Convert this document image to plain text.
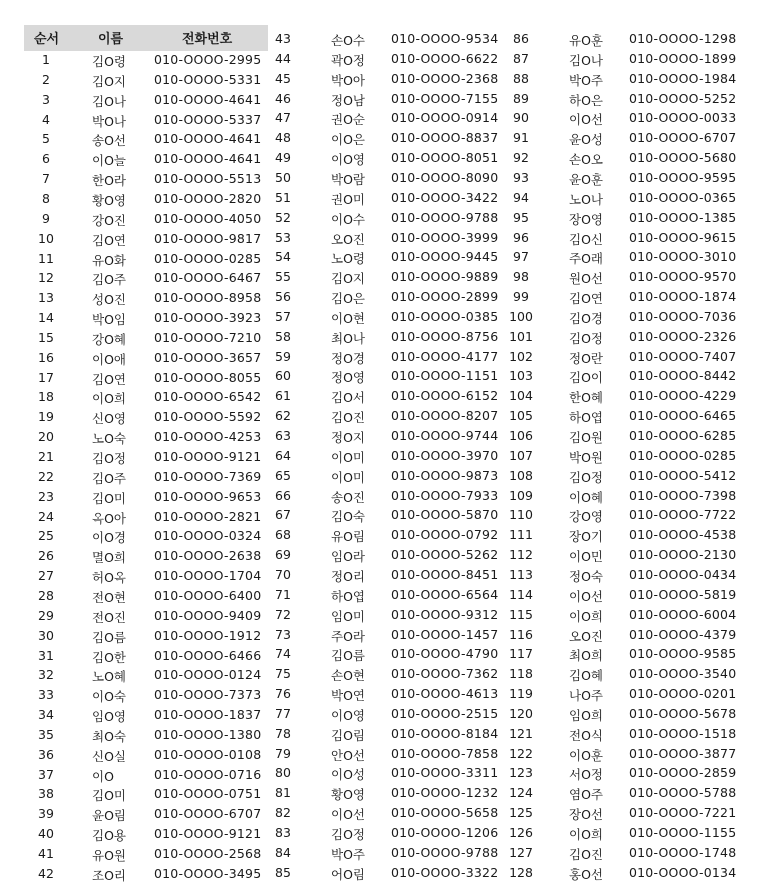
순서	이름	전화번호
1	김O령 010-OOOO-2995
2	김O지 010-OOOO-5331
3	김O나 010-OOOO-4641
4	박O나 010-OOOO-5337
5	송O선 010-OOOO-4641
6	이O늘 010-OOOO-4641
7	한O라 010-OOOO-5513
8	황O영 010-OOOO-2820
9	강O진 010-OOOO-4050
10	김O연 010-OOOO-9817
11	유O화 010-OOOO-0285
12	김O주 010-OOOO-6467
13	성O진 010-OOOO-8958
14	박O임 010-OOOO-3923
15	강O혜 010-OOOO-7210
16	이O애 010-OOOO-3657
17	김O연 010-OOOO-8055
18	이O희 010-OOOO-6542
19	신O영 010-OOOO-5592
20	노O숙 010-OOOO-4253
21	김O정 010-OOOO-9121
22	김O주 010-OOOO-7369
23	김O미 010-OOOO-9653
24	옥O아 010-OOOO-2821
25	이O경 010-OOOO-0324
26	멸O희 010-OOOO-2638
27	허O옥 010-OOOO-1704
28	전O현 010-OOOO-6400
29	전O진 010-OOOO-9409
30	김O름 010-OOOO-1912
31	김O한 010-OOOO-6466
32	노O혜 010-OOOO-0124
33	이O숙 010-OOOO-7373
34	임O영 010-OOOO-1837
35	최O숙 010-OOOO-1380
36	신O실 010-OOOO-0108
37	이O	010-OOOO-0716
38	김O미 010-OOOO-0751
39	윤O림 010-OOOO-6707
40	김O용 010-OOOO-9121
41	유O원 010-OOOO-2568
42	조O리 010-OOOO-3495
43	손O수 010-OOOO-9534
44	곽O정 010-OOOO-6622
45	박O아 010-OOOO-2368
46	정O남 010-OOOO-7155
47	권O순 010-OOOO-0914
48	이O은 010-OOOO-8837
49	이O영 010-OOOO-8051
50	박O람 010-OOOO-8090
51	권O미 010-OOOO-3422
52	이O수 010-OOOO-9788
53	오O진 010-OOOO-3999
54	노O령 010-OOOO-9445
55	김O지 010-OOOO-9889
56	김O은 010-OOOO-2899
57	이O현 010-OOOO-0385
58	최O나 010-OOOO-8756
59	정O경 010-OOOO-4177
60	정O영 010-OOOO-1151
61	김O서 010-OOOO-6152
62	김O진 010-OOOO-8207
63	정O지 010-OOOO-9744
64	이O미 010-OOOO-3970
65	이O미 010-OOOO-9873
66	송O진 010-OOOO-7933
67	김O숙 010-OOOO-5870
68	유O림 010-OOOO-0792
69	임O라 010-OOOO-5262
70	정O리 010-OOOO-8451
71	하O엽 010-OOOO-6564
72	임O미 010-OOOO-9312
73	주O라 010-OOOO-1457
74	김O름 010-OOOO-4790
75	손O현 010-OOOO-7362
76	박O연 010-OOOO-4613
77	이O영 010-OOOO-2515
78	김O림 010-OOOO-8184
79	안O선 010-OOOO-7858
80	이O성 010-OOOO-3311
81	황O영 010-OOOO-1232
82	이O선 010-OOOO-5658
83	김O정 010-OOOO-1206
84	박O주 010-OOOO-9788
85	어O림 010-OOOO-3322
86	유O훈 010-OOOO-1298
87	김O나 010-OOOO-1899
88	박O주 010-OOOO-1984
89	하O은 010-OOOO-5252
90	이O선 010-OOOO-0033
91	윤O성 010-OOOO-6707
92	손O오 010-OOOO-5680
93	윤O훈 010-OOOO-9595
94	노O나 010-OOOO-0365
95	장O영 010-OOOO-1385
96	김O신 010-OOOO-9615
97	주O래 010-OOOO-3010
98	원O선 010-OOOO-9570
99	김O연 010-OOOO-1874
100	김O경 010-OOOO-7036
101	김O정 010-OOOO-2326
102	정O란 010-OOOO-7407
103	김O이 010-OOOO-8442
104	한O혜 010-OOOO-4229
105	하O엽 010-OOOO-6465
106	김O원 010-OOOO-6285
107	박O원 010-OOOO-0285
108	김O정 010-OOOO-5412
109	이O혜 010-OOOO-7398
110	강O영 010-OOOO-7722
111	장O기 010-OOOO-4538
112	이O민 010-OOOO-2130
113	정O숙 010-OOOO-0434
114	이O선 010-OOOO-5819
115	이O희 010-OOOO-6004
116	오O진 010-OOOO-4379
117	최O희 010-OOOO-9585
118	김O혜 010-OOOO-3540
119	나O주 010-OOOO-0201
120	임O희 010-OOOO-5678
121	전O식 010-OOOO-1518
122	이O훈 010-OOOO-3877
123	서O정 010-OOOO-2859
124	염O주 010-OOOO-5788
125	장O선 010-OOOO-7221
126	이O희 010-OOOO-1155
127	김O진 010-OOOO-1748
128	홍O선 010-OOOO-0134
